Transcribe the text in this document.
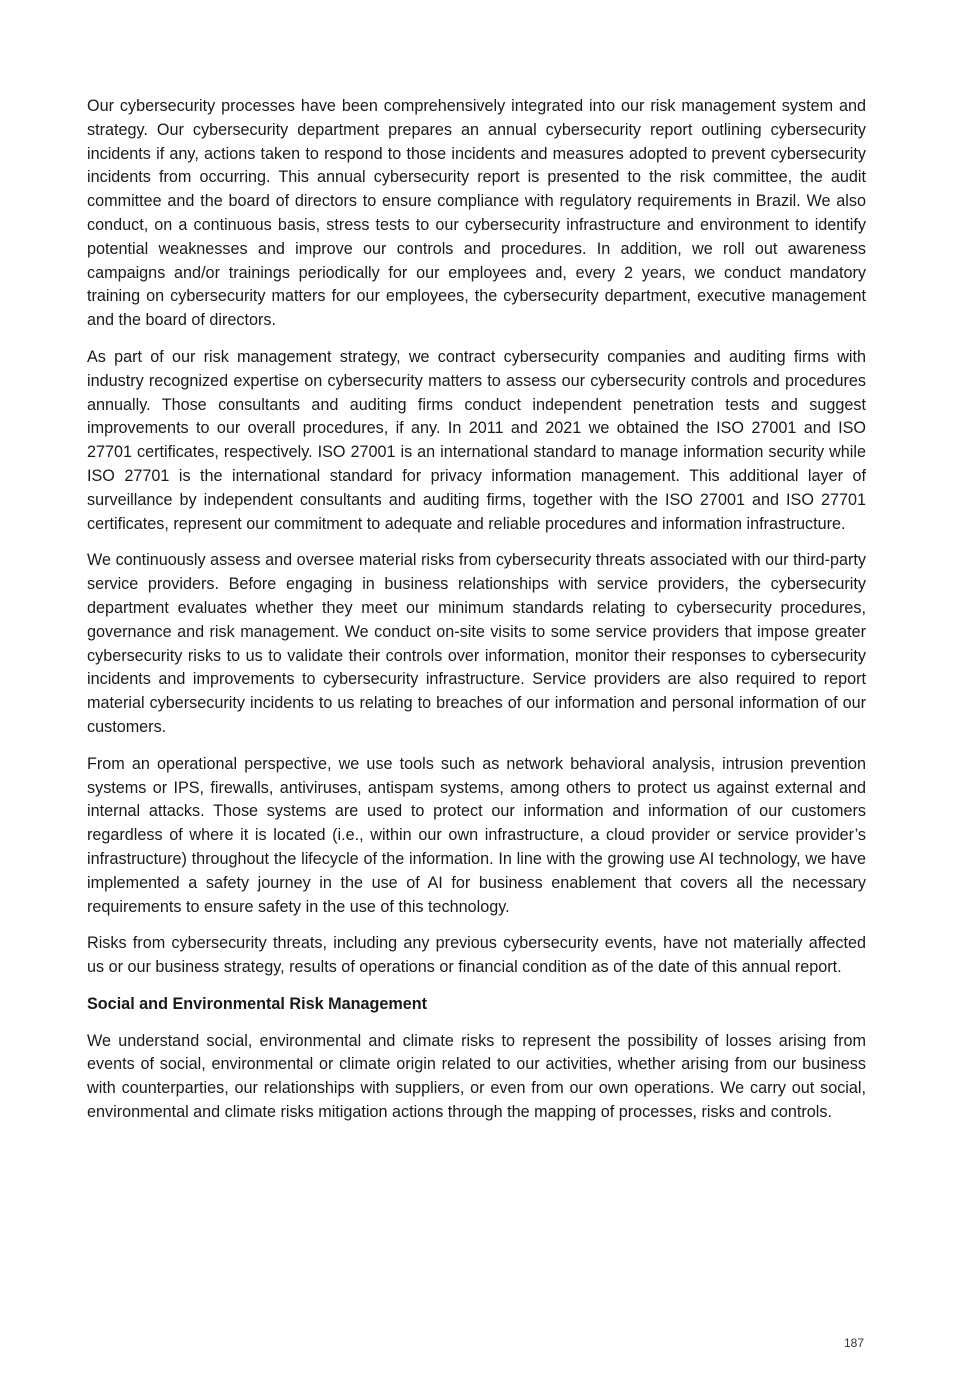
Our cybersecurity processes have been comprehensively integrated into our risk management system and strategy. Our cybersecurity department prepares an annual cybersecurity report outlining cybersecurity incidents if any, actions taken to respond to those incidents and measures adopted to prevent cybersecurity incidents from occurring. This annual cybersecurity report is presented to the risk committee, the audit committee and the board of directors to ensure compliance with regulatory requirements in Brazil. We also conduct, on a continuous basis, stress tests to our cybersecurity infrastructure and environment to identify potential weaknesses and improve our controls and procedures. In addition, we roll out awareness campaigns and/or trainings periodically for our employees and, every 2 years, we conduct mandatory training on cybersecurity matters for our employees, the cybersecurity department, executive management and the board of directors.

As part of our risk management strategy, we contract cybersecurity companies and auditing firms with industry recognized expertise on cybersecurity matters to assess our cybersecurity controls and procedures annually. Those consultants and auditing firms conduct independent penetration tests and suggest improvements to our overall procedures, if any. In 2011 and 2021 we obtained the ISO 27001 and ISO 27701 certificates, respectively. ISO 27001 is an international standard to manage information security while ISO 27701 is the international standard for privacy information management. This additional layer of surveillance by independent consultants and auditing firms, together with the ISO 27001 and ISO 27701 certificates, represent our commitment to adequate and reliable procedures and information infrastructure.

We continuously assess and oversee material risks from cybersecurity threats associated with our third-party service providers. Before engaging in business relationships with service providers, the cybersecurity department evaluates whether they meet our minimum standards relating to cybersecurity procedures, governance and risk management. We conduct on-site visits to some service providers that impose greater cybersecurity risks to us to validate their controls over information, monitor their responses to cybersecurity incidents and improvements to cybersecurity infrastructure. Service providers are also required to report material cybersecurity incidents to us relating to breaches of our information and personal information of our customers.

From an operational perspective, we use tools such as network behavioral analysis, intrusion prevention systems or IPS, firewalls, antiviruses, antispam systems, among others to protect us against external and internal attacks. Those systems are used to protect our information and information of our customers regardless of where it is located (i.e., within our own infrastructure, a cloud provider or service provider’s infrastructure) throughout the lifecycle of the information. In line with the growing use AI technology, we have implemented a safety journey in the use of AI for business enablement that covers all the necessary requirements to ensure safety in the use of this technology.

Risks from cybersecurity threats, including any previous cybersecurity events, have not materially affected us or our business strategy, results of operations or financial condition as of the date of this annual report.

Social and Environmental Risk Management

We understand social, environmental and climate risks to represent the possibility of losses arising from events of social, environmental or climate origin related to our activities, whether arising from our business with counterparties, our relationships with suppliers, or even from our own operations. We carry out social, environmental and climate risks mitigation actions through the mapping of processes, risks and controls.

187
